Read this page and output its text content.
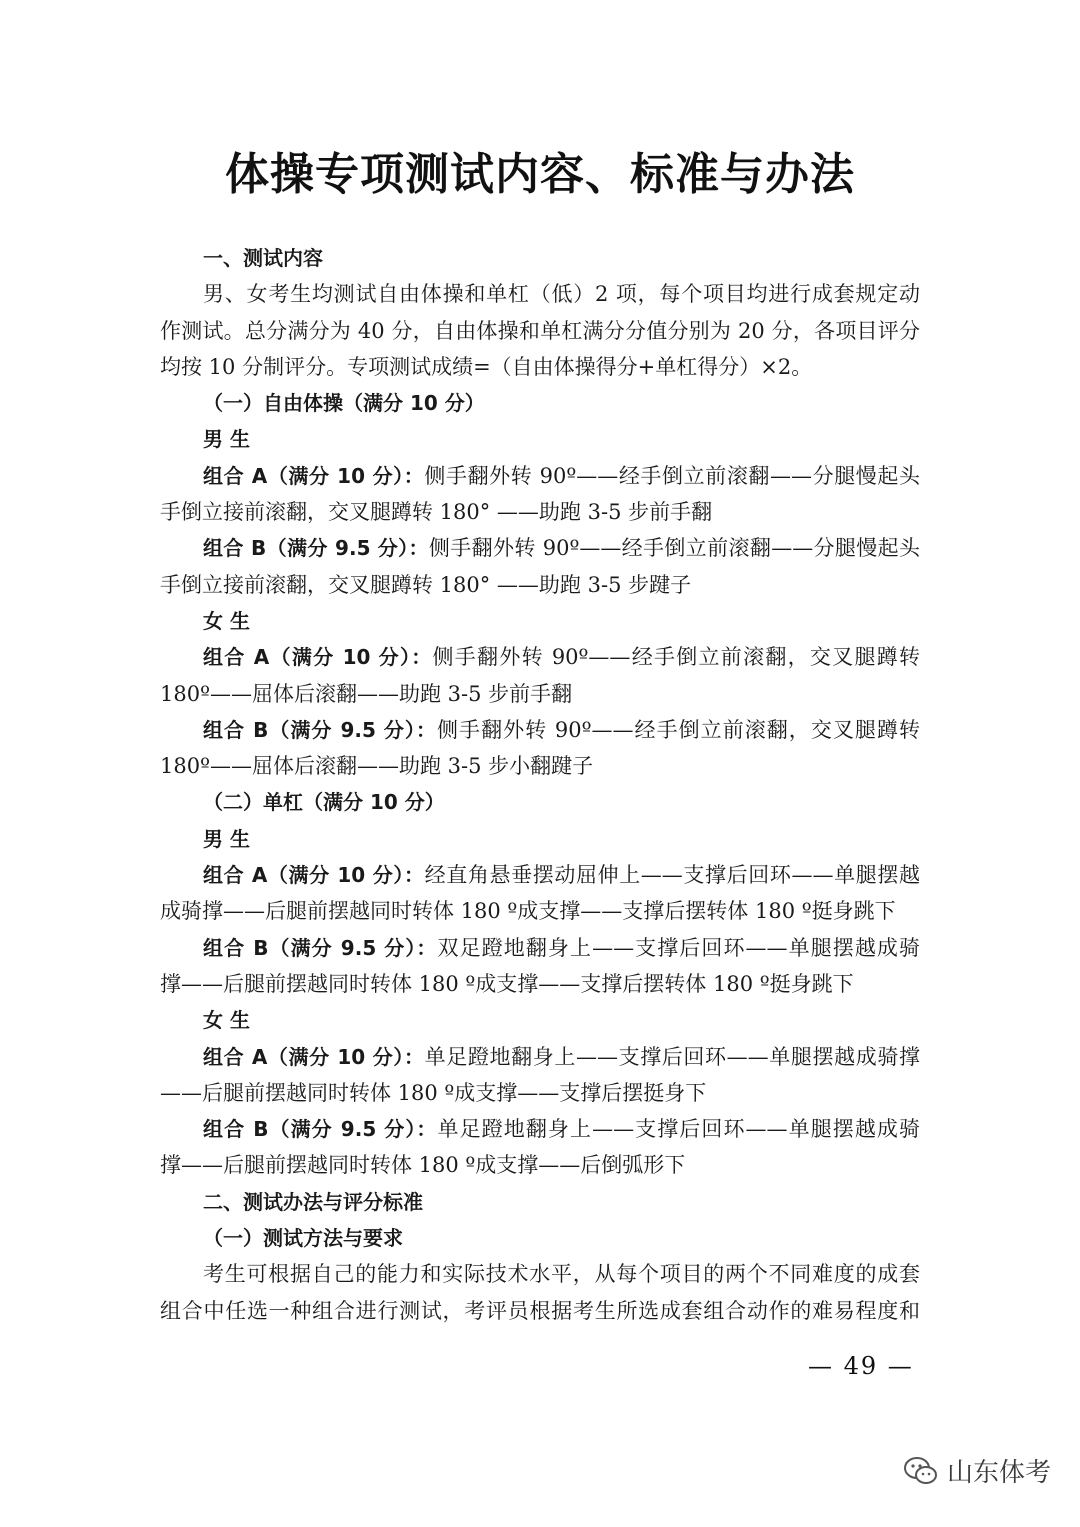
体操专项测试内容、标准与办法
一、测试内容
男、女考生均测试自由体操和单杠（低）2 项，每个项目均进行成套规定动
作测试。总分满分为 40 分，自由体操和单杠满分分值分别为 20 分，各项目评分
均按 10 分制评分。专项测试成绩=（自由体操得分+单杠得分）×2。
（一）自由体操（满分 10 分）
男 生
组合 A（满分 10 分）：侧手翻外转 90º——经手倒立前滚翻——分腿慢起头
手倒立接前滚翻，交叉腿蹲转 180° ——助跑 3-5 步前手翻
组合 B（满分 9.5 分）：侧手翻外转 90º——经手倒立前滚翻——分腿慢起头
手倒立接前滚翻，交叉腿蹲转 180° ——助跑 3-5 步踺子
女 生
组合 A（满分 10 分）：侧手翻外转 90º——经手倒立前滚翻，交叉腿蹲转
180º——屈体后滚翻——助跑 3-5 步前手翻
组合 B（满分 9.5 分）：侧手翻外转 90º——经手倒立前滚翻，交叉腿蹲转
180º——屈体后滚翻——助跑 3-5 步小翻踺子
（二）单杠（满分 10 分）
男 生
组合 A（满分 10 分）：经直角悬垂摆动屈伸上——支撑后回环——单腿摆越
成骑撑——后腿前摆越同时转体 180 º成支撑——支撑后摆转体 180 º挺身跳下
组合 B（满分 9.5 分）：双足蹬地翻身上——支撑后回环——单腿摆越成骑
撑——后腿前摆越同时转体 180 º成支撑——支撑后摆转体 180 º挺身跳下
女 生
组合 A（满分 10 分）：单足蹬地翻身上——支撑后回环——单腿摆越成骑撑
——后腿前摆越同时转体 180 º成支撑——支撑后摆挺身下
组合 B（满分 9.5 分）：单足蹬地翻身上——支撑后回环——单腿摆越成骑
撑——后腿前摆越同时转体 180 º成支撑——后倒弧形下
二、测试办法与评分标准
（一）测试方法与要求
考生可根据自己的能力和实际技术水平，从每个项目的两个不同难度的成套
组合中任选一种组合进行测试，考评员根据考生所选成套组合动作的难易程度和
— 49 —
山东体考
